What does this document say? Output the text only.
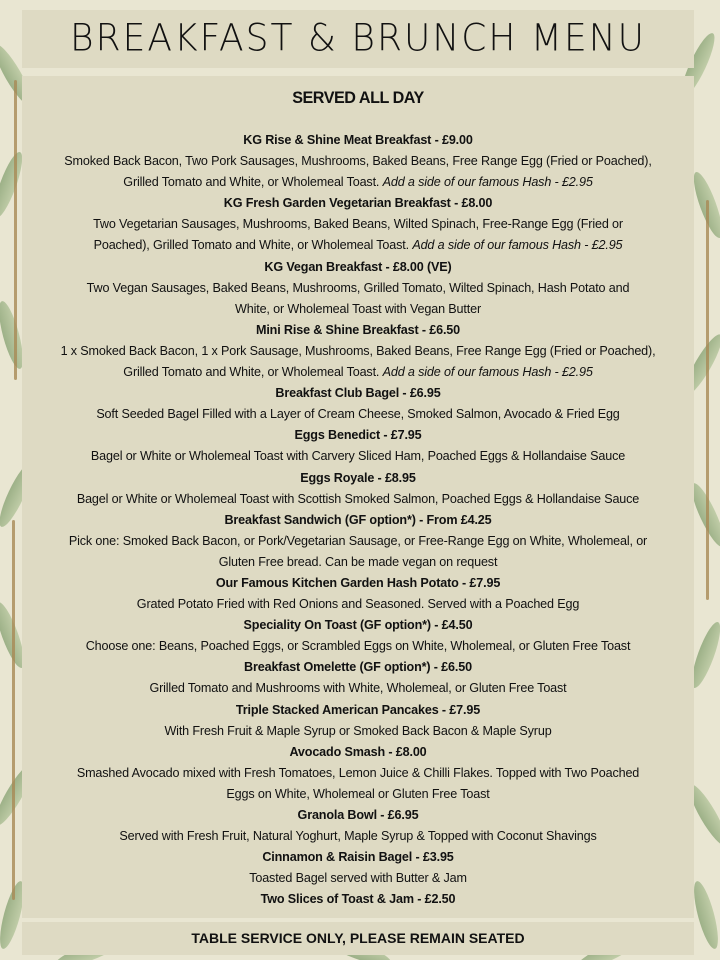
BREAKFAST & BRUNCH MENU
SERVED ALL DAY
KG Rise & Shine Meat Breakfast - £9.00
Smoked Back Bacon, Two Pork Sausages, Mushrooms, Baked Beans, Free Range Egg (Fried or Poached),
Grilled Tomato and White, or Wholemeal Toast. Add a side of our famous Hash - £2.95
KG Fresh Garden Vegetarian Breakfast - £8.00
Two Vegetarian Sausages, Mushrooms, Baked Beans, Wilted Spinach, Free-Range Egg (Fried or
Poached), Grilled Tomato and White, or Wholemeal Toast. Add a side of our famous Hash - £2.95
KG Vegan Breakfast - £8.00 (VE)
Two Vegan Sausages, Baked Beans, Mushrooms, Grilled Tomato, Wilted Spinach, Hash Potato and
White, or Wholemeal Toast with Vegan Butter
Mini Rise & Shine Breakfast - £6.50
1 x Smoked Back Bacon, 1 x Pork Sausage, Mushrooms, Baked Beans, Free Range Egg (Fried or Poached),
Grilled Tomato and White, or Wholemeal Toast. Add a side of our famous Hash - £2.95
Breakfast Club Bagel - £6.95
Soft Seeded Bagel Filled with a Layer of Cream Cheese, Smoked Salmon, Avocado & Fried Egg
Eggs Benedict - £7.95
Bagel or White or Wholemeal Toast with Carvery Sliced Ham, Poached Eggs & Hollandaise Sauce
Eggs Royale - £8.95
Bagel or White or Wholemeal Toast with Scottish Smoked Salmon, Poached Eggs & Hollandaise Sauce
Breakfast Sandwich (GF option*) - From £4.25
Pick one: Smoked Back Bacon, or Pork/Vegetarian Sausage, or Free-Range Egg on White, Wholemeal, or
Gluten Free bread. Can be made vegan on request
Our Famous Kitchen Garden Hash Potato - £7.95
Grated Potato Fried with Red Onions and Seasoned. Served with a Poached Egg
Speciality On Toast (GF option*) - £4.50
Choose one: Beans, Poached Eggs, or Scrambled Eggs on White, Wholemeal, or Gluten Free Toast
Breakfast Omelette (GF option*) - £6.50
Grilled Tomato and Mushrooms with White, Wholemeal, or Gluten Free Toast
Triple Stacked American Pancakes - £7.95
With Fresh Fruit & Maple Syrup or Smoked Back Bacon & Maple Syrup
Avocado Smash - £8.00
Smashed Avocado mixed with Fresh Tomatoes, Lemon Juice & Chilli Flakes. Topped with Two Poached
Eggs on White, Wholemeal or Gluten Free Toast
Granola Bowl - £6.95
Served with Fresh Fruit, Natural Yoghurt, Maple Syrup & Topped with Coconut Shavings
Cinnamon & Raisin Bagel - £3.95
Toasted Bagel served with Butter & Jam
Two Slices of Toast & Jam - £2.50
TABLE SERVICE ONLY, PLEASE REMAIN SEATED
